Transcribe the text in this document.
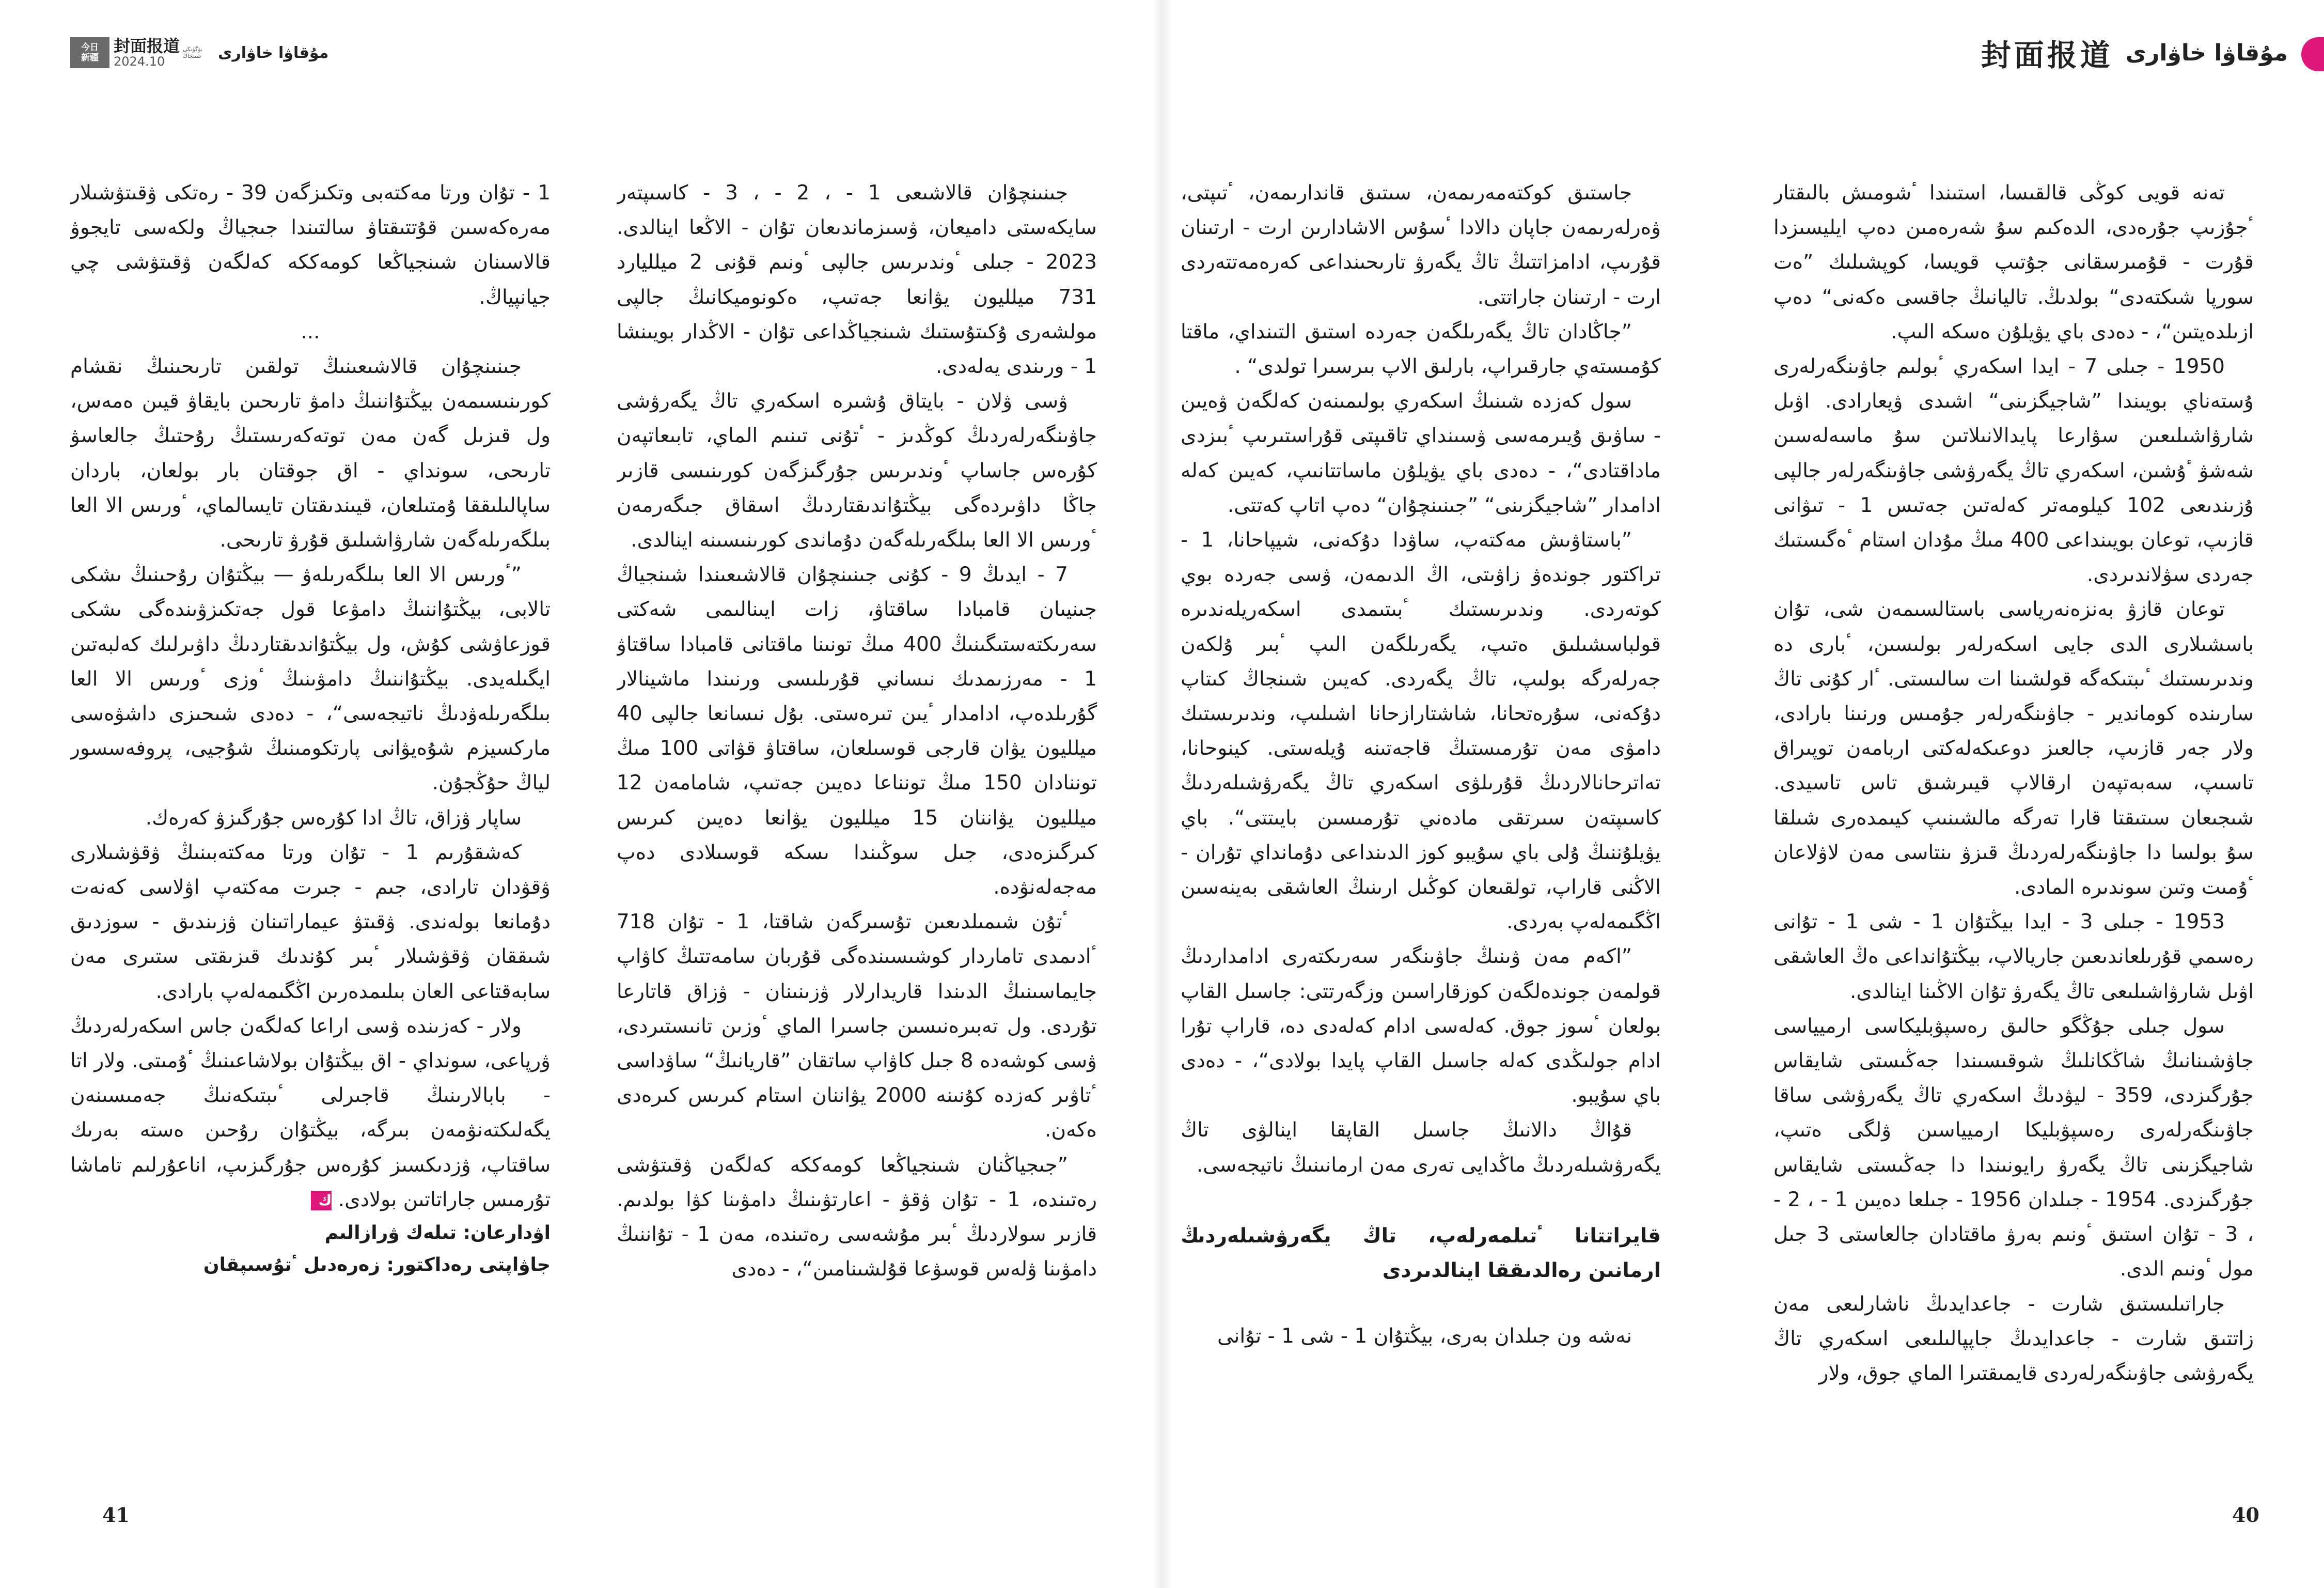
今日
新疆
封面报道
2024.10
بۈگۈنكى شىنجاڭ	مۇقاۋا خاۋارى	封面报道 مۇقاۋا خاۋارى

جاستىق كوكتەمەرىمەن، سىتىق قاندارىمەن، ٴتىپتى، ۋەرلەرىمەن جاپان دالادا ٴسۇس الاشادارىن ارت - ارتىنان قۇرىپ، ادامزاتتىڭ تاڭ يگەرۋ تارىحىنداعى كەرەمەتتەردى ارت - ارتىنان جاراتتى.

”جاڭادان تاڭ يگەرىلگەن جەردە استىق التىنداي، ماقتا كۇمىستەي جارقىراپ، بارلىق الاپ بىرسىرا تولدى“ .

سول كەزدە شىنىڭ اسكەري بولىمىنەن كەلگەن ۋەيىن - ساۋىق ۇيىرمەسى ۋسىنداي تاقىپتى قۇراستىرىپ ٴبىزدى ماداقتادى“، - دەدى باي يۋيلۇن ماساتتانىپ، كەيىن كەلە ادامدار ”شاجيگزىنى“ ”جىنىنچۇان“ دەپ اتاپ كەتتى.

”باستاۋىش مەكتەپ، ساۋدا دۇكەنى، شيپاحانا، 1 - تراكتور جوندەۋ زاۋىتى، اڭ الدىمەن، ۋسى جەردە بوي كوتەردى. وندىرىستىك ٴبىتىمدى اسكەريلەندىرە قولباسشىلىق ەتىپ، يگەرىلگەن الىپ ٴبىر ۇلكەن جەرلەرگە بولىپ، تاڭ يگەردى. كەيىن شىنجاڭ كىتاپ دۇكەنى، سۇرەتحانا، شاشتارازحانا اشىلىپ، وندىرىستىك دامۋى مەن تۇرمىستىڭ قاجەتىنە ۇيلەستى. كينوحانا، تەاترحانالاردىڭ قۇرىلۋى اسكەري تاڭ يگەرۋشىلەردىڭ كاسىپتەن سىرتقى مادەني تۇرمىسىن بايىتتى“. باي يۋيلۇننىڭ ۇلى باي سۇيبو كوز الدىنداعى دۇمانداي تۇران - الاڭنى قاراپ، تولقىعان كوڭىل ارىنىڭ العاشقى بەينەسىن اڭگىمەلەپ بەردى.

”اكەم مەن ۋىنىڭ جاۋىنگەر سەرىكتەرى ادامداردىڭ قولمەن جوندەلگەن كوزقاراسىن وزگەرتتى: جاسىل القاپ بولعان ٴسوز جوق. كەلەسى ادام كەلەدى دە، قاراپ تۇرا ادام جولىڭدى كەلە جاسىل القاپ پايدا بولادى“، - دەدى باي سۇيبو.

قۇاڭ دالانىڭ جاسىل القاپقا اينالۋى تاڭ يگەرۋشىلەردىڭ ماڭدايى تەرى مەن ارمانىنىڭ ناتيجەسى.

قايراتتانا ٴتىلمەرلەپ، تاڭ يگەرۋشىلەردىڭ ارمانىن رەالدىققا اينالدىردى

نەشە ون جىلدان بەرى، بيڭتۇان 1 - شى 1 - تۇانى

تەنە قويى كوڭى قالقىسا، استىندا ٴشومىش بالىقتار ٴجۇزىپ جۇرەدى، الدەكىم سۇ شەرەمىن دەپ ايليسىزدا قۇرت - قۇمىرسقانى جۇتىپ قويسا، كوپشىلىك ”ەت سورپا شىكتەدى“ بولدىڭ. تاليانىڭ جاقسى ەكەنى“ دەپ ازىلدەيتىن“، - دەدى باي يۋيلۇن ەسكە الىپ.

1950 - جىلى 7 - ايدا اسكەري ٴبولىم جاۋىنگەرلەرى ۇستەناي بويىندا ”شاجيگزىنى“ اشىدى ۋيعارادى. اۋىل شارۋاشىلىعىن سۋارعا پايدالانىلاتىن سۇ ماسەلەسىن شەشۋ ٴۇشىن، اسكەري تاڭ يگەرۋشى جاۋىنگەرلەر جالپى ۇزىندىعى 102 كيلومەتر كەلەتىن جەتىس 1 - تىۋانى قازىپ، توعان بويىنداعى 400 مىڭ مۇدان استام ٴەگىستىك جەردى سۋلاندىردى.

توعان قازۋ بەنزەنەرياسى باستالسىمەن شى، تۇان باسشىلارى الدى جايى اسكەرلەر بولىسىن، ٴبارى دە وندىرىستىك ٴىبتىكەگە قولشىنا ات سالىستى. ٴار كۇنى تاڭ سارىندە كوماندير - جاۋىنگەرلەر جۇمىس ورنىنا بارادى، ولار جەر قازىپ، جالعىز دوعىكەلەكتى اربامەن توپىراق تاسىپ، سەبەتپەن ارقالاپ قيىرشىق تاس تاسيدى. شىجىعان سىتىقتا قارا تەرگە مالشىنىپ كيىمدەرى شىلقا سۇ بولسا دا جاۋىنگەرلەردىڭ قىزۋ ىنتاسى مەن لاۋلاعان ٴۇمىت وتىن سوندىرە المادى.

1953 - جىلى 3 - ايدا بيڭتۇان 1 - شى 1 - تۇانى رەسمي قۇرىلعاندىعىن جاريالاپ، بيڭتۇانداعى ەڭ العاشقى اۋىل شارۋاشىلىعى تاڭ يگەرۋ تۇان الاڭىنا اينالدى.

سول جىلى جۇڭگو حالىق رەسپۋبليكاسى ارميياسى جاۋشىنانىڭ شاڭكانلىڭ شوقىسىندا جەڭىستى شايقاس جۇرگىزدى، 359 - ليۋدىڭ اسكەري تاڭ يگەرۋشى ساقا جاۋىنگەرلەرى رەسپۋبليكا ارميياسىن ۋلگى ەتىپ، شاجيگزىنى تاڭ يگەرۋ رايونىندا دا جەڭىستى شايقاس جۇرگىزدى. 1954 - جىلدان 1956 - جىلعا دەيىن 1 - ، 2 - ، 3 - تۇان استىق ٴونىم بەرۋ ماقتادان جالعاستى 3 جىل مول ٴونىم الدى.

جاراتىلىستىق شارت - جاعدايدىڭ ناشارلىعى مەن زاتتىق شارت - جاعدايدىڭ جاپپالىلىعى اسكەري تاڭ يگەرۋشى جاۋىنگەرلەردى قايمىقتىرا الماي جوق، ولار

جىنىنچۇان قالاشىعى 1 - ، 2 - ، 3 - كاسىپتەر سايكەستى داميعان، ۋسىزماندىعان تۇان - الاڭعا اينالدى. 2023 - جىلى ٴوندىرىس جالپى ٴونىم قۇنى 2 ميلليارد 731 ميلليون يۋانعا جەتىپ، ەكونوميكانىڭ جالپى مولشەرى ۇكىتۇستىك شىنجياڭداعى تۇان - الاڭدار بويىنشا 1 - ورىندى يەلەدى.

ۋسى ۋلان - بايتاق ۇشىرە اسكەري تاڭ يگەرۋشى جاۋىنگەرلەردىڭ كوڭدىز - ٴتۇنى تىنىم الماي، تابىعاتپەن كۇرەس جاساپ ٴوندىرىس جۇرگىزگەن كورىنىسى قازىر جاڭا داۋىردەگى بيڭتۇاندىقتاردىڭ اسقاق جىگەرمەن ٴورىس الا العا بىلگەرىلەگەن دۇماندى كورىنىسىنە اينالدى.

7 - ايدىڭ 9 - كۇنى جىنىنچۇان قالاشىعىندا شىنجياڭ جىنيىان قامبادا ساقتاۋ، زات ايىنالىمى شەكتى سەرىكتەستىگىنىڭ 400 مىڭ تونىنا ماقتانى قامبادا ساقتاۋ 1 - مەرزىمدىك نىساني قۇرىلىسى ورنىندا ماشينالار گۇرىلدەپ، ادامدار ٴيىن تىرەستى. بۇل نىسانعا جالپى 40 ميلليون يۋان قارجى قوسىلعان، ساقتاۋ قۋاتى 100 مىڭ توننادان 150 مىڭ تونناعا دەيىن جەتىپ، شامامەن 12 ميلليون يۋاننان 15 ميلليون يۋانعا دەيىن كىرىس كىرگىزەدى، جىل سوڭىندا ىسكە قوسىلادى دەپ مەجەلەنۋدە.

ٴتۇن شىمىلدىعىن تۇسىرگەن شاقتا، 1 - تۇان 718 ٴادىمدى تاماردار كوشىسىندەگى قۇربان سامەتتىڭ كاۋاپ جايماسىنىڭ الدىندا قاريدارلار ۋزىنىنان - ۋزاق قاتارعا تۇردى. ول تەبىرەنىسىن جاسىرا الماي ٴوزىن تانىستىردى، ۋسى كوشەدە 8 جىل كاۋاپ ساتقان ”قاريانىڭ“ ساۋداسى ٴتاۋىر كەزدە كۇنىنە 2000 يۋاننان استام كىرىس كىرەدى ەكەن.

”جىجياڭنان شىنجياڭعا كومەككە كەلگەن ۋقىتۋشى رەتىندە، 1 - تۇان ۋقۋ - اعارتۋىنىڭ دامۋىنا كۋا بولدىم. قازىر سولاردىڭ ٴبىر مۇشەسى رەتىندە، مەن 1 - تۇاننىڭ دامۋىنا ۋلەس قوسۋعا قۇلشىنامىن“، - دەدى

1 - تۇان ورتا مەكتەبى وتكىزگەن 39 - رەتكى ۋقىتۋشىلار مەرەكەسىن قۇتتىقتاۋ سالتىندا جىجياڭ ولكەسى تايجوۋ قالاسىنان شىنجياڭعا كومەككە كەلگەن ۋقىتۋشى چي جيانپياڭ.

...

جىنىنچۇان قالاشىعىنىڭ تولقىن تارىحىنىڭ نقشام كورىنىسىمەن بيڭتۇاننىڭ دامۋ تارىحىن بايقاۋ قيىن ەمەس، ول قىزىل گەن مەن توتەكەرىستىڭ رۇحتىڭ جالعاسۋ تارىحى، سونداي - اق جوقتان بار بولعان، باردان ساپالىلىققا ۇمتىلعان، قيىندىقتان تايسالماي، ٴورىس الا العا بىلگەرىلەگەن شارۋاشىلىق قۇرۋ تارىحى.

”ٴورىس الا العا بىلگەرىلەۋ — بيڭتۇان رۇحىنىڭ ىشكى تالابى، بيڭتۇاننىڭ دامۋعا قول جەتكىزۋىندەگى ىشكى قوزعاۋشى كۇش، ول بيڭتۇاندىقتاردىڭ داۋىرلىك كەلبەتىن ايگىلەيدى. بيڭتۇاننىڭ دامۋىنىڭ ٴوزى ٴورىس الا العا بىلگەرىلەۋدىڭ ناتيجەسى“، - دەدى شىحىزى داشۋەسى ماركسيزم شۇەيۋانى پارتكومىنىڭ شۇجيى، پروفەسسور لياڭ حۇڭجۇن.

ساپار ۋزاق، تاڭ ادا كۇرەس جۇرگىزۋ كەرەك.

كەشقۇرىم 1 - تۇان ورتا مەكتەبىنىڭ ۋقۋشىلارى ۋقۋدان تارادى، جىم - جىرت مەكتەپ اۋلاسى كەنەت دۇمانعا بولەندى. ۋقىتۋ عيماراتىنان ۋزىندىق - سوزدىق شىققان ۋقۋشىلار ٴبىر كۇندىك قىزىقتى ستىرى مەن سابەقتاعى العان بىلىمدەرىن اڭگىمەلەپ بارادى.

ولار - كەزىندە ۋسى اراعا كەلگەن جاس اسكەرلەردىڭ ۋرپاعى، سونداي - اق بيڭتۇان بولاشاعىنىڭ ٴۇمىتى. ولار اتا - بابالارىنىڭ قاجىرلى ٴىبتىكەنىڭ جەمىسىنەن يگەلىكتەنۋمەن بىرگە، بيڭتۇان رۇحىن ەستە بەرىك ساقتاپ، ۋزدىكسىز كۇرەس جۇرگىزىپ، اناعۇرلىم تاماشا تۇرمىس جاراتاتىن بولادى. ك

اۋدارعان: تىلەك ۋرازالىم

جاۋاپتى رەداكتور: زەرەدىل ٴتۇسىپقان

41	40
